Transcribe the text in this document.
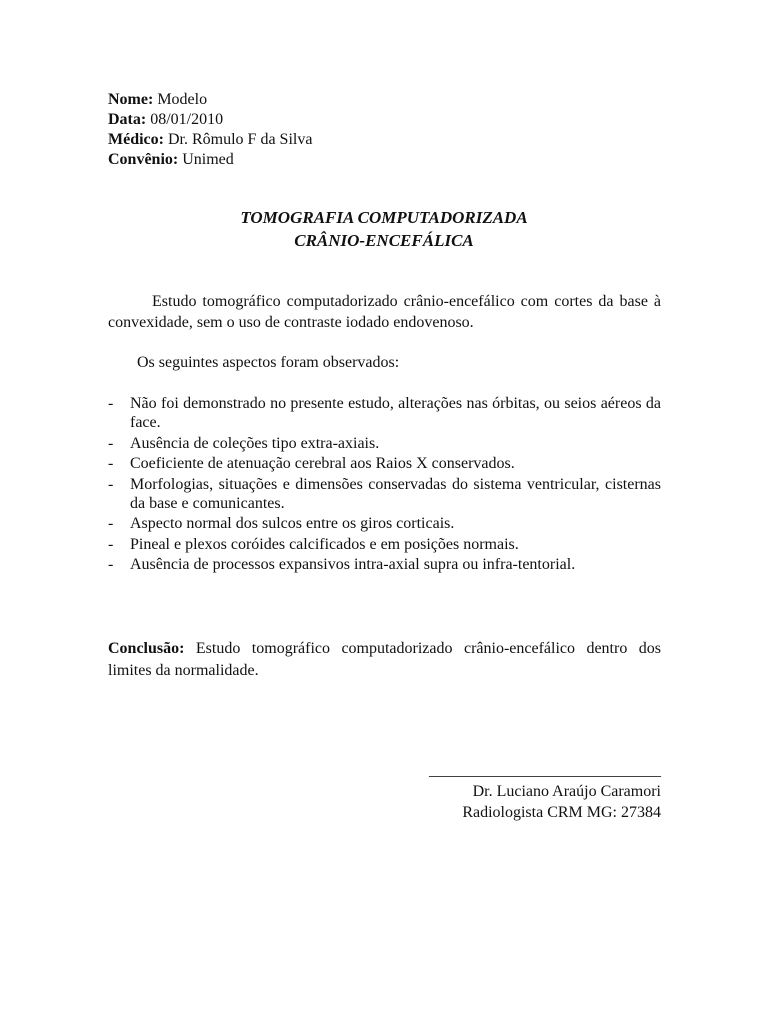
Nome: Modelo
Data: 08/01/2010
Médico: Dr. Rômulo F da Silva
Convênio: Unimed
TOMOGRAFIA COMPUTADORIZADA
CRÂNIO-ENCEFÁLICA
Estudo tomográfico computadorizado crânio-encefálico com cortes da base à convexidade, sem o uso de contraste iodado endovenoso.
Os seguintes aspectos foram observados:
- Não foi demonstrado no presente estudo, alterações nas órbitas, ou seios aéreos da face.
- Ausência de coleções tipo extra-axiais.
- Coeficiente de atenuação cerebral aos Raios X conservados.
- Morfologias, situações e dimensões conservadas do sistema ventricular, cisternas da base e comunicantes.
- Aspecto normal dos sulcos entre os giros corticais.
- Pineal e plexos coróides calcificados e em posições normais.
- Ausência de processos expansivos intra-axial supra ou infra-tentorial.
Conclusão: Estudo tomográfico computadorizado crânio-encefálico dentro dos limites da normalidade.
_____________________________
Dr. Luciano Araújo Caramori
Radiologista CRM MG: 27384
